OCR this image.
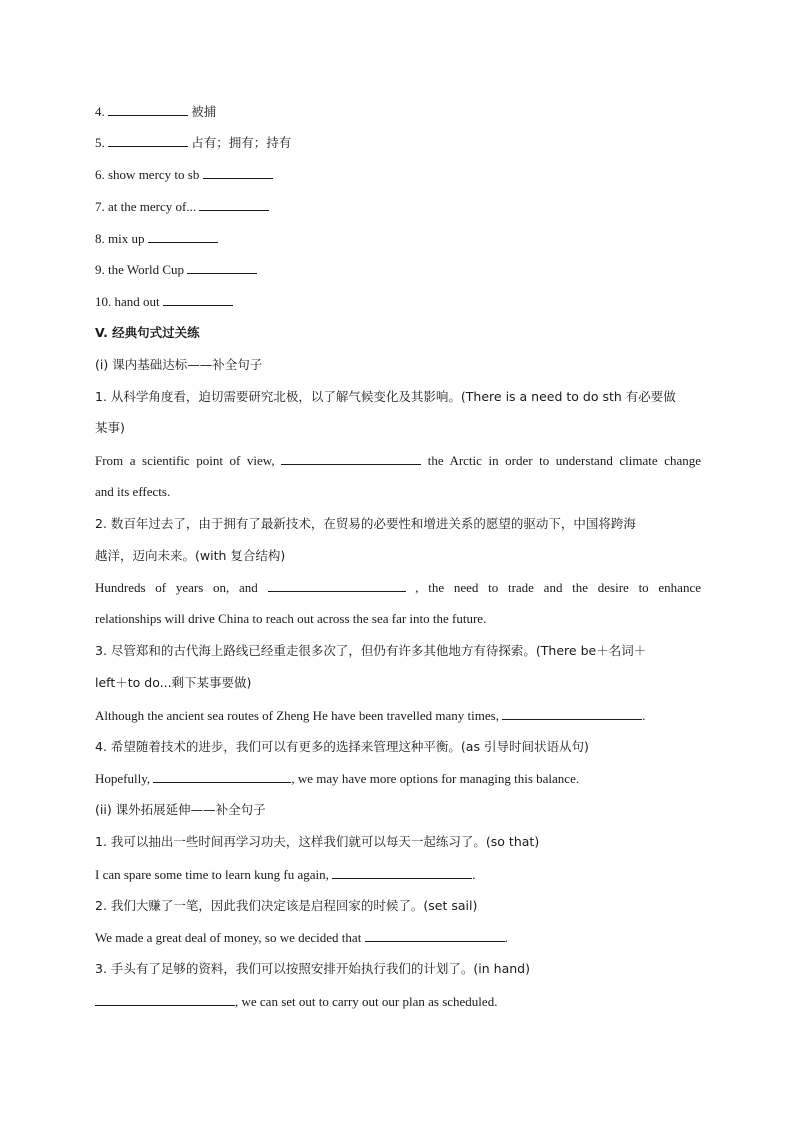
4.	被捕
5.	占有；拥有；持有
6. show mercy to sb
7. at the mercy of...
8. mix up
9. the World Cup
10. hand out
V. 经典句式过关练
(i) 课内基础达标——补全句子
1. 从科学角度看，迫切需要研究北极，以了解气候变化及其影响。(There is a need to do sth 有必要做
某事)
From a scientific point of view,	the Arctic in order to understand climate change
and its effects.
2. 数百年过去了，由于拥有了最新技术，在贸易的必要性和增进关系的愿望的驱动下，中国将跨海
越洋，迈向未来。(with 复合结构)
Hundreds of years on, and	, the need to trade and the desire to enhance
relationships will drive China to reach out across the sea far into the future.
3. 尽管郑和的古代海上路线已经重走很多次了，但仍有许多其他地方有待探索。(There be＋名词＋
left＋to do...剩下某事要做)
Although the ancient sea routes of Zheng He have been travelled many times,	.
4. 希望随着技术的进步，我们可以有更多的选择来管理这种平衡。(as 引导时间状语从句)
Hopefully,	, we may have more options for managing this balance.
(ii) 课外拓展延伸——补全句子
1. 我可以抽出一些时间再学习功夫，这样我们就可以每天一起练习了。(so that)
I can spare some time to learn kung fu again,	.
2. 我们大赚了一笔，因此我们决定该是启程回家的时候了。(set sail)
We made a great deal of money, so we decided that	.
3. 手头有了足够的资料，我们可以按照安排开始执行我们的计划了。(in hand)
, we can set out to carry out our plan as scheduled.
